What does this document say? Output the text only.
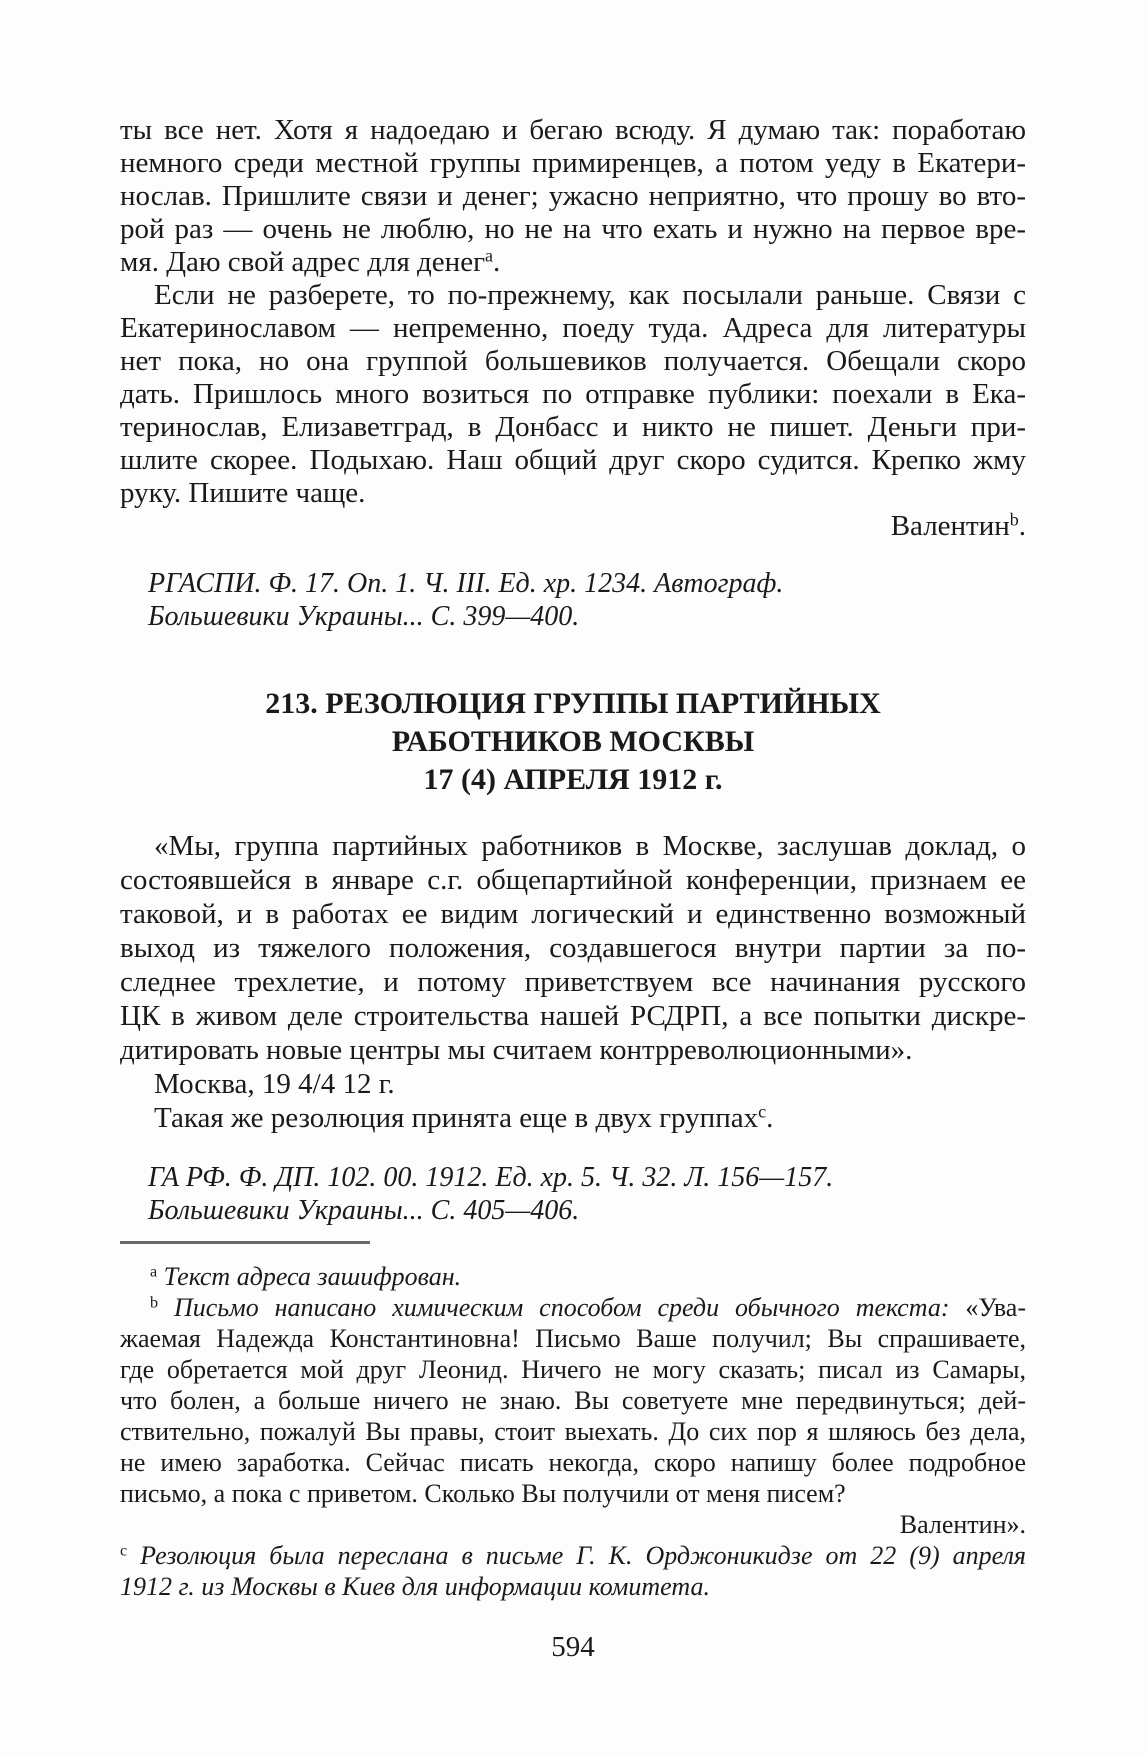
ты все нет. Хотя я надоедаю и бегаю всюду. Я думаю так: поработаю
немного среди местной группы примиренцев, а потом уеду в Екатери-
нослав. Пришлите связи и денег; ужасно неприятно, что прошу во вто-
рой раз — очень не люблю, но не на что ехать и нужно на первое вре-
мя. Даю свой адрес для денег$^a$.
Если не разберете, то по-прежнему, как посылали раньше. Связи с
Екатеринославом — непременно, поеду туда. Адреса для литературы
нет пока, но она группой большевиков получается. Обещали скоро
дать. Пришлось много возиться по отправке публики: поехали в Ека-
теринослав, Елизаветград, в Донбасс и никто не пишет. Деньги при-
шлите скорее. Подыхаю. Наш общий друг скоро судится. Крепко жму
руку. Пишите чаще.
Валентин$^b$.
РГАСПИ. Ф. 17. Оп. 1. Ч. III. Ед. хр. 1234. Автограф.
Большевики Украины... С. 399—400.
213. РЕЗОЛЮЦИЯ ГРУППЫ ПАРТИЙНЫХ
РАБОТНИКОВ МОСКВЫ
17 (4) АПРЕЛЯ 1912 г.
«Мы, группа партийных работников в Москве, заслушав доклад, о
состоявшейся в январе с.г. общепартийной конференции, признаем ее
таковой, и в работах ее видим логический и единственно возможный
выход из тяжелого положения, создавшегося внутри партии за по-
следнее трехлетие, и потому приветствуем все начинания русского
ЦК в живом деле строительства нашей РСДРП, а все попытки дискре-
дитировать новые центры мы считаем контрреволюционными».
Москва, 19 4/4 12 г.
Такая же резолюция принята еще в двух группах$^c$.
ГА РФ. Ф. ДП. 102. 00. 1912. Ед. хр. 5. Ч. 32. Л. 156—157.
Большевики Украины... С. 405—406.
$^a$ Текст адреса зашифрован.
$^b$ Письмо написано химическим способом среди обычного текста: «Ува-
жаемая Надежда Константиновна! Письмо Ваше получил; Вы спрашиваете,
где обретается мой друг Леонид. Ничего не могу сказать; писал из Самары,
что болен, а больше ничего не знаю. Вы советуете мне передвинуться; дей-
ствительно, пожалуй Вы правы, стоит выехать. До сих пор я шляюсь без дела,
не имею заработка. Сейчас писать некогда, скоро напишу более подробное
письмо, а пока с приветом. Сколько Вы получили от меня писем?
Валентин».
$^c$ Резолюция была переслана в письме Г. К. Орджоникидзе от 22 (9) апреля
1912 г. из Москвы в Киев для информации комитета.
594
